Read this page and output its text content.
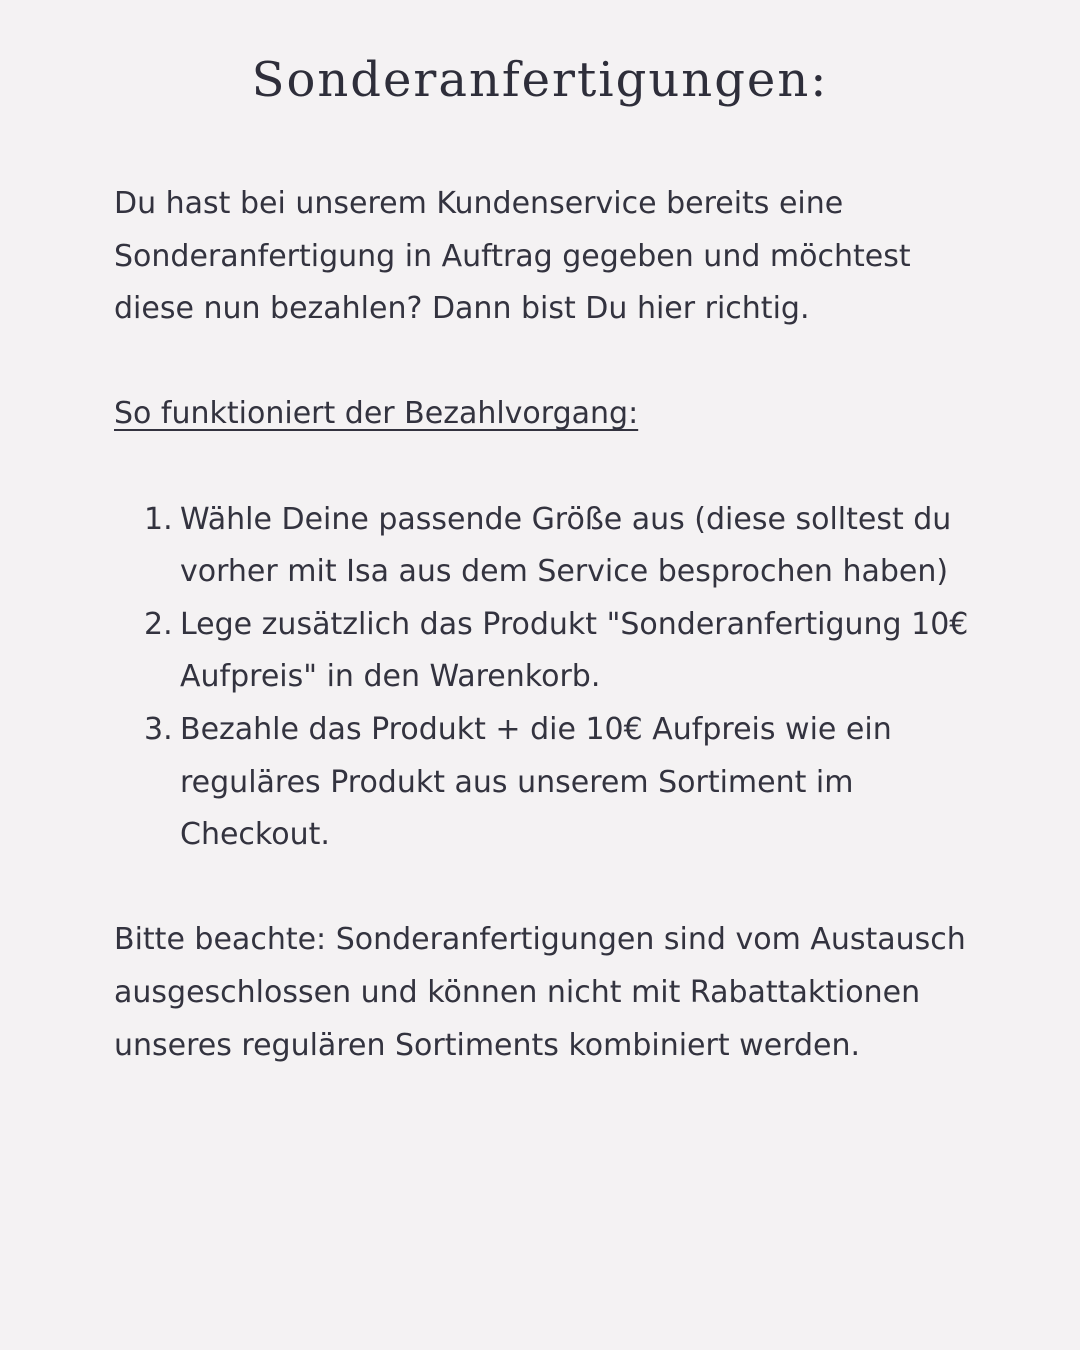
Sonderanfertigungen:

Du hast bei unserem Kundenservice bereits eine Sonderanfertigung in Auftrag gegeben und möchtest diese nun bezahlen? Dann bist Du hier richtig.

So funktioniert der Bezahlvorgang:

1. Wähle Deine passende Größe aus (diese solltest du vorher mit Isa aus dem Service besprochen haben)
2. Lege zusätzlich das Produkt "Sonderanfertigung 10€ Aufpreis" in den Warenkorb.
3. Bezahle das Produkt + die 10€ Aufpreis wie ein reguläres Produkt aus unserem Sortiment im Checkout.

Bitte beachte: Sonderanfertigungen sind vom Austausch ausgeschlossen und können nicht mit Rabattaktionen unseres regulären Sortiments kombiniert werden.
